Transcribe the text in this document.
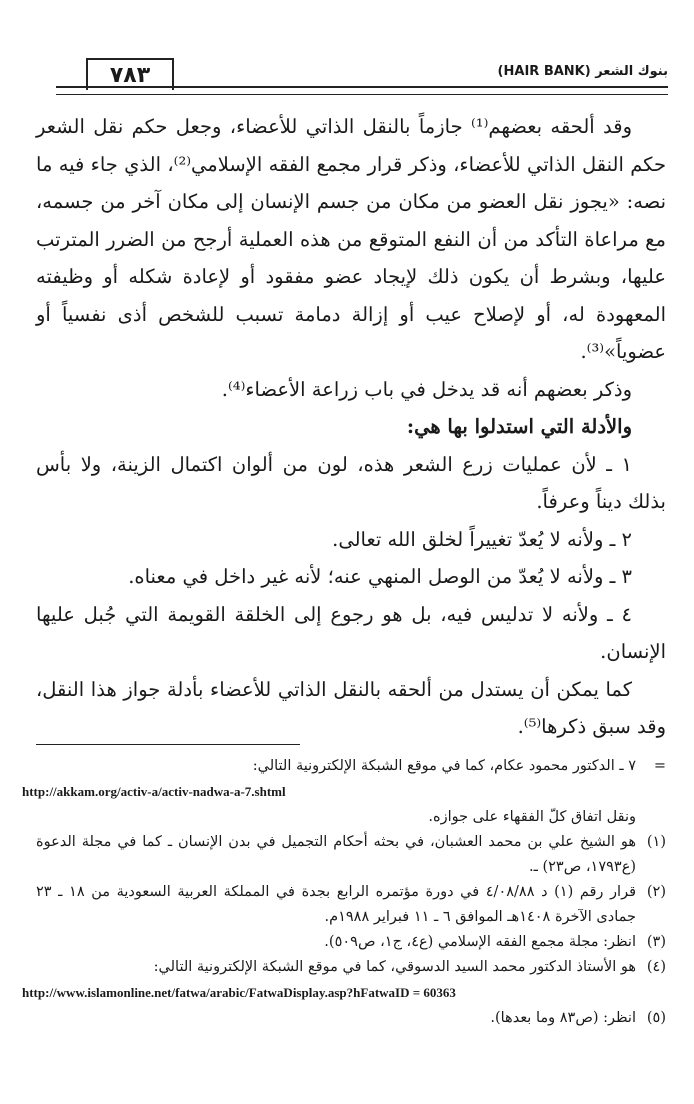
٧٨٣	بنوك الشعر (HAIR BANK)

وقد ألحقه بعضهم⁽¹⁾ جازماً بالنقل الذاتي للأعضاء، وجعل حكم نقل الشعر حكم النقل الذاتي للأعضاء، وذكر قرار مجمع الفقه الإسلامي⁽²⁾، الذي جاء فيه ما نصه: «يجوز نقل العضو من مكان من جسم الإنسان إلى مكان آخر من جسمه، مع مراعاة التأكد من أن النفع المتوقع من هذه العملية أرجح من الضرر المترتب عليها، وبشرط أن يكون ذلك لإيجاد عضو مفقود أو لإعادة شكله أو وظيفته المعهودة له، أو لإصلاح عيب أو إزالة دمامة تسبب للشخص أذى نفسياً أو عضوياً»⁽³⁾.

وذكر بعضهم أنه قد يدخل في باب زراعة الأعضاء⁽⁴⁾.

والأدلة التي استدلوا بها هي:

١ ـ لأن عمليات زرع الشعر هذه، لون من ألوان اكتمال الزينة، ولا بأس بذلك ديناً وعرفاً.

٢ ـ ولأنه لا يُعدّ تغييراً لخلق الله تعالى.

٣ ـ ولأنه لا يُعدّ من الوصل المنهي عنه؛ لأنه غير داخل في معناه.

٤ ـ ولأنه لا تدليس فيه، بل هو رجوع إلى الخلقة القويمة التي جُبل عليها الإنسان.

كما يمكن أن يستدل من ألحقه بالنقل الذاتي للأعضاء بأدلة جواز هذا النقل، وقد سبق ذكرها⁽⁵⁾.

=
٧ ـ الدكتور محمود عكام، كما في موقع الشبكة الإلكترونية التالي:
http://akkam.org/activ-a/activ-nadwa-a-7.shtml
ونقل اتفاق كلّ الفقهاء على جوازه.
(١)
هو الشيخ علي بن محمد العشبان، في بحثه أحكام التجميل في بدن الإنسان ـ كما في مجلة الدعوة (ع١٧٩٣، ص٢٣) ـ.
(٢)
قرار رقم (١) د ٤/٠٨/٨٨ في دورة مؤتمره الرابع بجدة في المملكة العربية السعودية من ١٨ ـ ٢٣ جمادى الآخرة ١٤٠٨هـ الموافق ٦ ـ ١١ فبراير ١٩٨٨م.
(٣)
انظر: مجلة مجمع الفقه الإسلامي (ع٤، ج١، ص٥٠٩).
(٤)
هو الأستاذ الدكتور محمد السيد الدسوقي، كما في موقع الشبكة الإلكترونية التالي:
http://www.islamonline.net/fatwa/arabic/FatwaDisplay.asp?hFatwaID = 60363
(٥)
انظر: (ص٨٣ وما بعدها).
